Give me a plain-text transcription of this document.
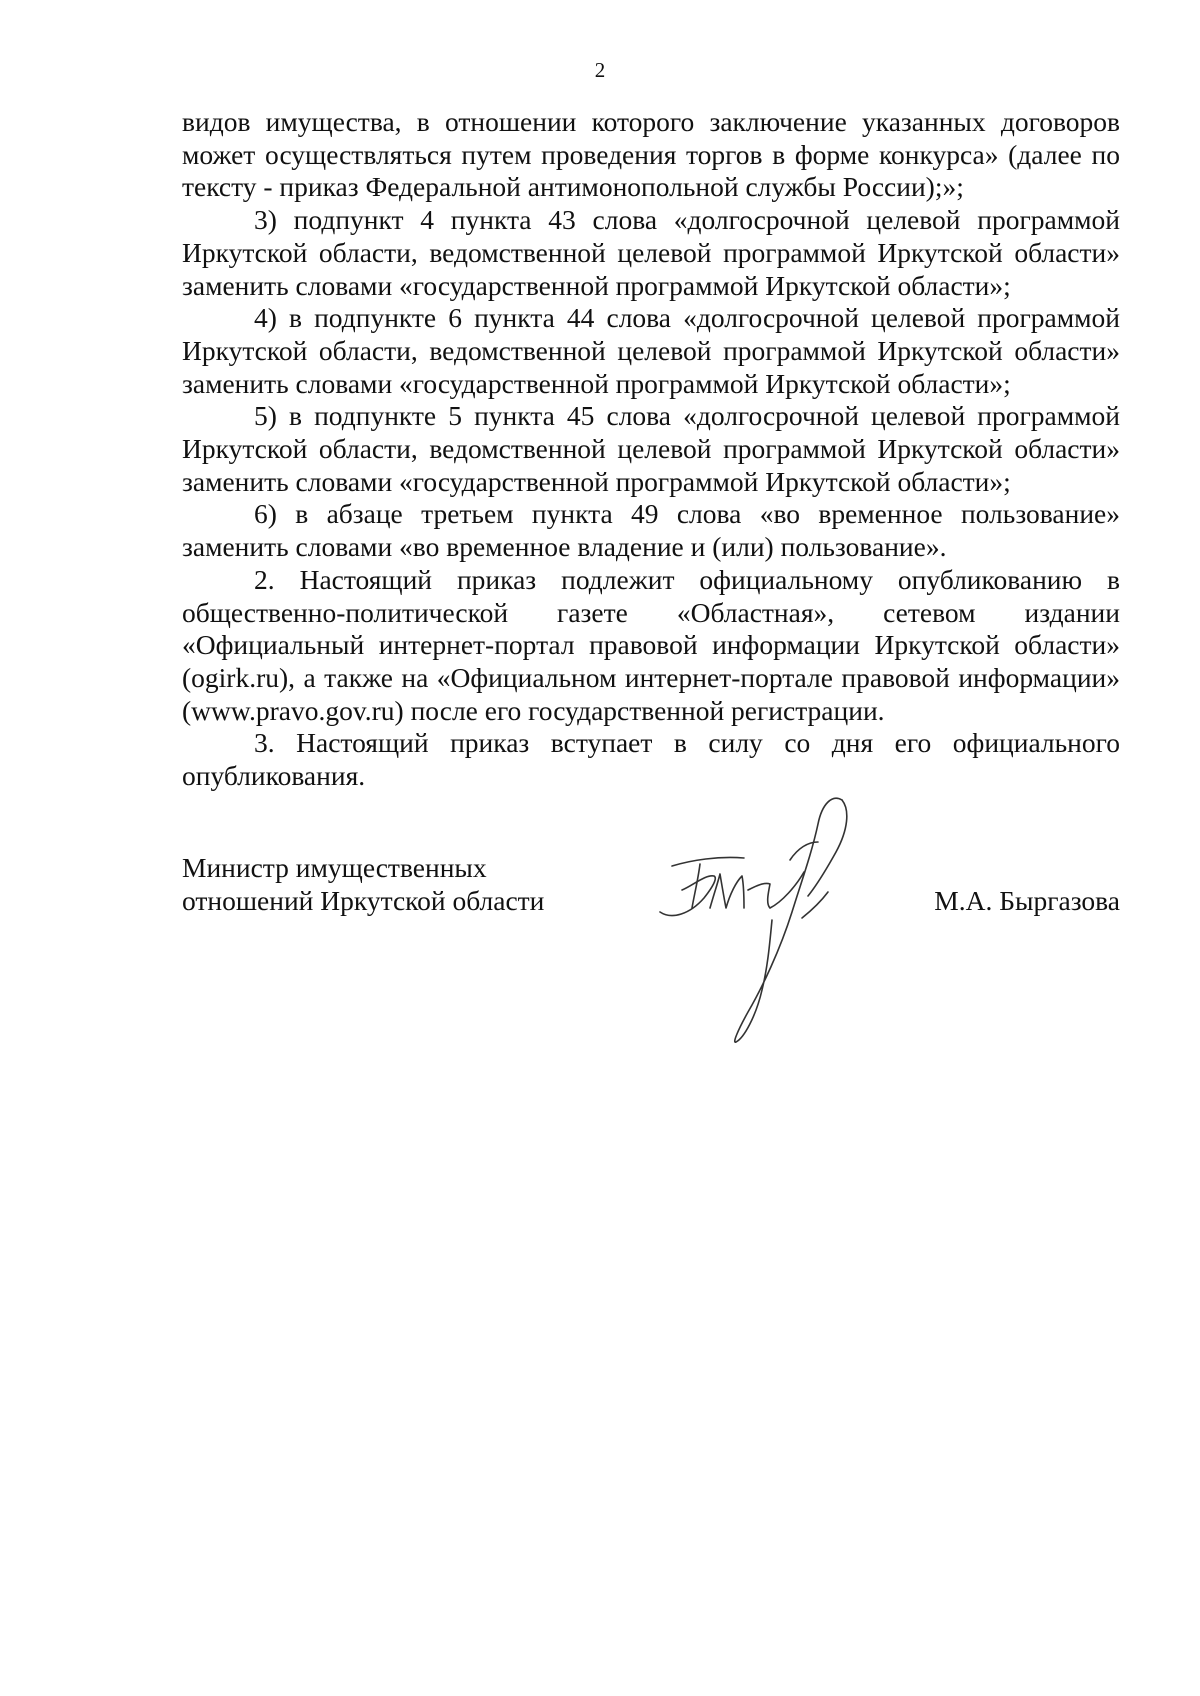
2

видов имущества, в отношении которого заключение указанных договоров может осуществляться путем проведения торгов в форме конкурса» (далее по тексту - приказ Федеральной антимонопольной службы России);»;

3) подпункт 4 пункта 43 слова «долгосрочной целевой программой Иркутской области, ведомственной целевой программой Иркутской области» заменить словами «государственной программой Иркутской области»;

4) в подпункте 6 пункта 44 слова «долгосрочной целевой программой Иркутской области, ведомственной целевой программой Иркутской области» заменить словами «государственной программой Иркутской области»;

5) в подпункте 5 пункта 45 слова «долгосрочной целевой программой Иркутской области, ведомственной целевой программой Иркутской области» заменить словами «государственной программой Иркутской области»;

6) в абзаце третьем пункта 49 слова «во временное пользование» заменить словами «во временное владение и (или) пользование».

2. Настоящий приказ подлежит официальному опубликованию в общественно-политической газете «Областная», сетевом издании «Официальный интернет-портал правовой информации Иркутской области» (ogirk.ru), а также на «Официальном интернет-портале правовой информации» (www.pravo.gov.ru) после его государственной регистрации.

3. Настоящий приказ вступает в силу со дня его официального опубликования.

Министр имущественных
отношений Иркутской области	М.А. Быргазова
